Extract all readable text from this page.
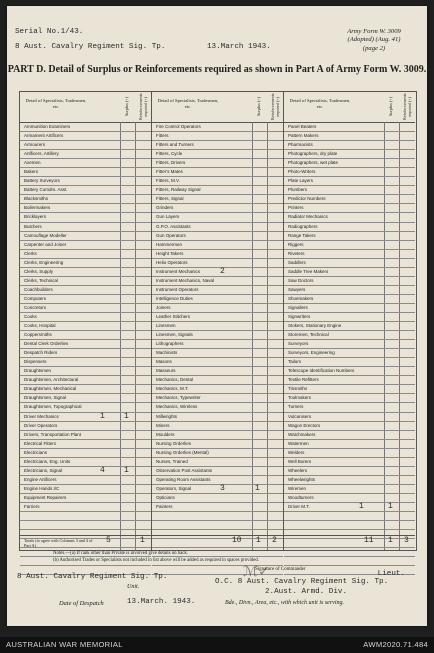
Serial No.1/43.
8 Aust. Cavalry Regiment Sig. Tp.	13.March 1943.
Army Form W. 3009
(Adopted) (Aug. 41)
(page 2)
PART D. Detail of Surplus or Reinforcements required as shown in Part A of Army Form W. 3009.
Detail of Specialists, Tradesmen, etc.	Surplus (+)	Reinforcements required (+)
Ammunition Examiners
Armament Artificers
Armourers
Artificers, Artillery
Axemen
Bakers
Battery Surveyors
Battery Comdrs. Asst.
Blacksmiths
Boilermakers
Bricklayers
Butchers
Camouflage Modeller
Carpenter and Joiner
Clerks
Clerks, Engineering
Clerks, Supply
Clerks, Technical
Coachbuilders
Computers
Concretors
Cooks
Cooks, Hospital
Coppersmiths
Dental Clerk Orderlies
Despatch Riders
Dispensers
Draughtsmen
Draughtsmen, Architectural
Draughtsmen, Mechanical
Draughtsmen, Signal
Draughtsmen, Topographical
Driver Mechanics	1 1
Driver Operators
Drivers, Transportation Plant
Electrical Fitters
Electricians
Electricians, Eng. Units
Electricians, Signal	4 1
Engine Artificers
Engine Hands I/C
Equipment Repairers
Farriers
Totals (to agree with Columns 3 and 4 of Part A)
5	1
Detail of Specialists, Tradesmen, etc.	Surplus (+)	Reinforcements required (+)
Fire Control Operators
Fitters
Fitters and Turners
Fitters, Cycle
Fitters, Drivers
Fitter's Mates
Fitters, M.V.
Fitters, Railway Signal
Fitters, Signal
Grinders
Gun Layers
G.P.O. Assistants
Gun Operators
Hammermen
Height Takers
Helio Operators
Instrument Mechanics 2
Instrument Mechanics, Naval
Instrument Operators
Intelligence Duties
Joiners
Leather Stitchers
Linesmen
Linesmen, Signals
Lithographers
Machinists
Masons
Masseurs
Mechanics, Dental
Mechanics, M.T.
Mechanics, Typewriter
Mechanics, Wireless
Millwrights
Miners
Moulders
Nursing Orderlies
Nursing Orderlies (Mental)
Nurses, Trained
Observation Post Assistants
Operating Room Assistants
Operators, Signal	3	1
Opticians
Painters
10 1 2
Detail of Specialists, Tradesmen, etc.	Surplus (+)	Reinforcements required (+)
Panel Beaters
Pattern Makers
Pharmacists
Photographers, dry plate
Photographers, wet plate
Photo-Writers
Plate Layers
Plumbers
Predictor Numbers
Printers
Radiator Mechanics
Radiographers
Range Takers
Riggers
Riveters
Saddlers
Saddle Tree Makers
Saw Doctors
Sawyers
Shoemakers
Signallers
Signwriters
Stokers, Stationary Engine
Storemen, Technical
Surveyors
Surveyors, Engineering
Tailors
Telescope Identification Numbers
Textile Refitters
Tinsmiths
Toolmakers
Turners
Vulcanisers
Wagon Erectors
Watchmakers
Watermen
Welders
Well Borers
Wheelers
Wheelwrights
Wiremen
Woodturners
Driver M.T.	1	1
11 1 3
Notes.—(a) If rank other than Private is involved give details on back.
(b) Authorised Trades or Specialists not included in list above will be added as required in spaces provided.
8 Aust. Cavalry Regiment Sig. Tp.
Unit.
ℳ✓
Signature of Commander
Lieut.
O.C. 8 Aust. Cavalry Regiment Sig. Tp.
2.Aust. Armd. Div.
Bde., Divn., Area, etc., with which unit is serving.
Date of Despatch	13.March. 1943.
AUSTRALIAN WAR MEMORIAL	AWM2020.71.484
